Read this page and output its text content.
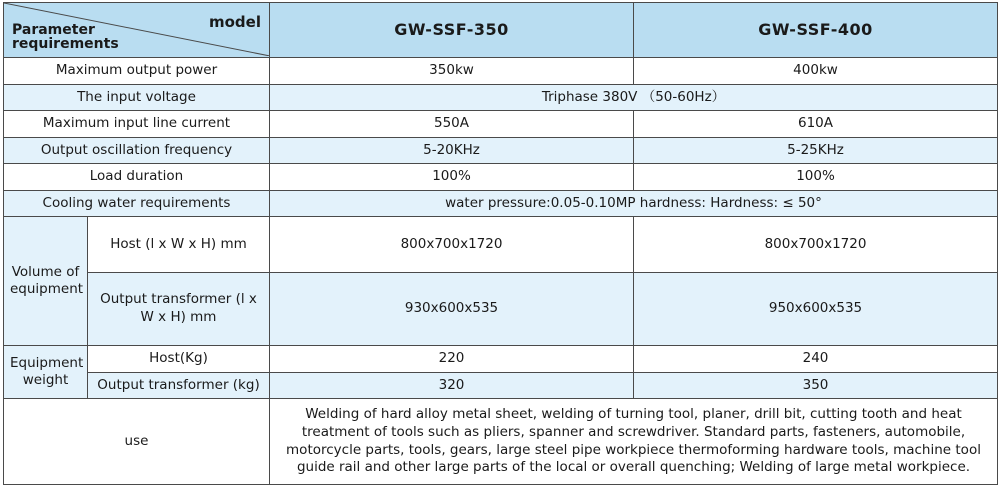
model
Parameter requirements		GW-SSF-350	GW-SSF-400
Maximum output power		350kw	400kw
The input voltage		Triphase 380V （50-60Hz）	
Maximum input line current		550A	610A
Output oscillation frequency		5-20KHz	5-25KHz
Load duration		100%	100%
Cooling water requirements		water pressure:0.05-0.10MP hardness: Hardness: ≤ 50°	
Volume of equipment	Host (l x W x H) mm	800x700x1720	800x700x1720
	Output transformer (l x W x H) mm	930x600x535	950x600x535
Equipment weight	Host(Kg)	220	240
	Output transformer (kg)	320	350
use		Welding of hard alloy metal sheet, welding of turning tool, planer, drill bit, cutting tooth and heat treatment of tools such as pliers, spanner and screwdriver. Standard parts, fasteners, automobile, motorcycle parts, tools, gears, large steel pipe workpiece thermoforming hardware tools, machine tool guide rail and other large parts of the local or overall quenching; Welding of large metal workpiece.	
